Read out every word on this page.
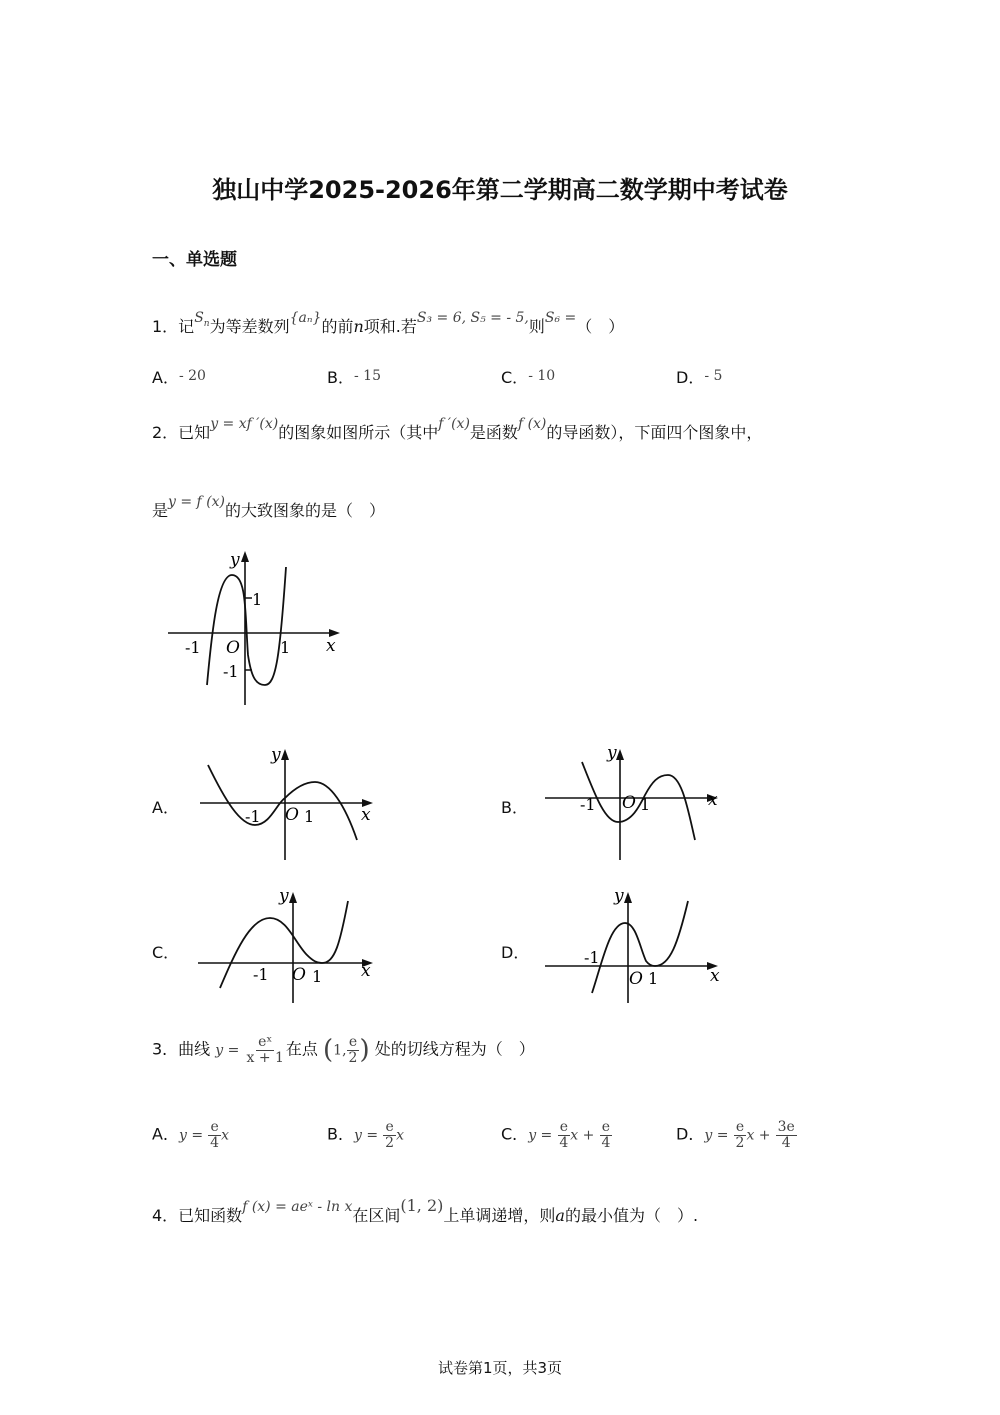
独山中学2025-2026年第二学期高二数学期中考试卷
一、单选题
1．记$S_n$为等差数列{aₙ}的前n项和.若S₃ = 6, S₅ = - 5,则S₆ =（　）
A．- 20	B．- 15	C．- 10	D．- 5
2．已知y = xf ′(x)的图象如图所示（其中f ′(x)是函数f (x)的导函数），下面四个图象中，
是y = f (x)的大致图象的是（　）
y
x
O
1
1
-1
-1
A．
y
x
O 1
-1	B．
y
x
O 1
-1
C．
y
x
O 1
-1
D．
y
x
O 1
-1
3．曲线 $y = \frac{\text{eˣ}}{x + 1}$ 在点 (1, $\frac{e}{2}$ ) 处的切线方程为（　）
A．$y = \frac{e}{4}$ x	B．$y = \frac{e}{2}$ x	C．$y = \frac{e}{4}$ $x + \frac{e}{4}$	D．$y = \frac{e}{2}$ $x + \frac{3e}{4}$
4．已知函数f (x) = aeˣ - ln x在区间(1, 2)上单调递增，则a的最小值为（　）.
试卷第1页，共3页
